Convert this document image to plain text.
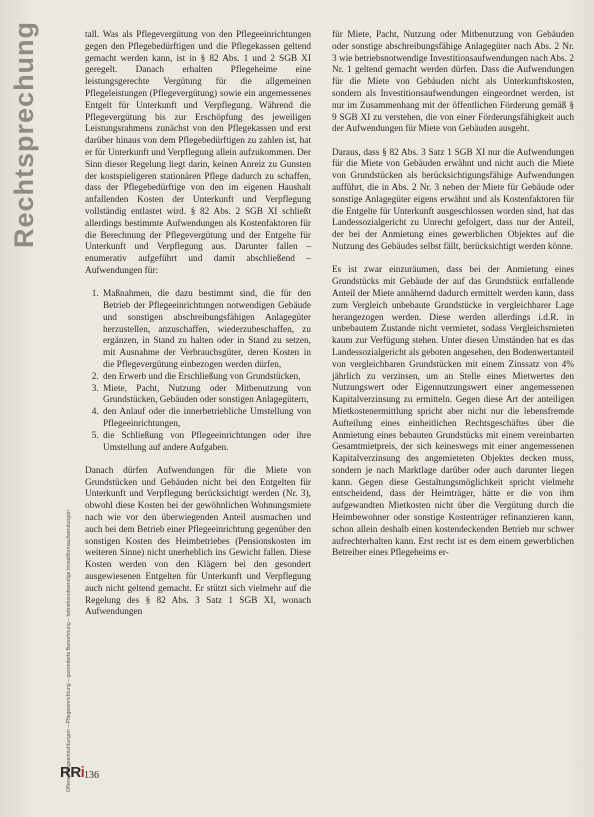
Rechtsprechung
Offene Pflegeeinrichtungen – Pflegeeinrichtung – gesonderte Berechnung – betriebsnotwendige Investitionsaufwendungen
RRi 136

tall. Was als Pflegevergütung von den Pflegeeinrichtungen gegen den Pflegebedürftigen und die Pflegekassen geltend gemacht werden kann, ist in § 82 Abs. 1 und 2 SGB XI geregelt. Danach erhalten Pflegeheime eine leistungsgerechte Vergütung für die allgemeinen Pflegeleistungen (Pflegevergütung) sowie ein angemessenes Entgelt für Unterkunft und Verpflegung. Während die Pflegevergütung bis zur Erschöpfung des jeweiligen Leistungsrahmens zunächst von den Pflegekassen und erst darüber hinaus von dem Pflegebedürftigen zu zahlen ist, hat er für Unterkunft und Verpflegung allein aufzukommen. Der Sinn dieser Regelung liegt darin, keinen Anreiz zu Gunsten der kostspieligeren stationären Pflege dadurch zu schaffen, dass der Pflegebedürftige von den im eigenen Haushalt anfallenden Kosten der Unterkunft und Verpflegung vollständig entlastet wird. § 82 Abs. 2 SGB XI schließt allerdings bestimmte Aufwendungen als Kostenfaktoren für die Berechnung der Pflegevergütung und der Entgelte für Unterkunft und Verpflegung aus. Darunter fallen – enumerativ aufgeführt und damit abschließend – Aufwendungen für:

1. Maßnahmen, die dazu bestimmt sind, die für den Betrieb der Pflegeeinrichtungen notwendigen Gebäude und sonstigen abschreibungsfähigen Anlagegüter herzustellen, anzuschaffen, wiederzubeschaffen, zu ergänzen, in Stand zu halten oder in Stand zu setzen, mit Ausnahme der Verbrauchsgüter, deren Kosten in die Pflegevergütung einbezogen werden dürfen,
2. den Erwerb und die Erschließung von Grundstücken,
3. Miete, Pacht, Nutzung oder Mitbenutzung von Grundstücken, Gebäuden oder sonstigen Anlagegütern,
4. den Anlauf oder die innerbetriebliche Umstellung von Pflegeeinrichtungen,
5. die Schließung von Pflegeeinrichtungen oder ihre Umstellung auf andere Aufgaben.

Danach dürfen Aufwendungen für die Miete von Grundstücken und Gebäuden nicht bei den Entgelten für Unterkunft und Verpflegung berücksichtigt werden (Nr. 3), obwohl diese Kosten bei der gewöhnlichen Wohnungsmiete nach wie vor den überwiegenden Anteil ausmachen und auch bei dem Betrieb einer Pflegeeinrichtung gegenüber den sonstigen Kosten des Heimbetriebes (Pensionskosten im weiteren Sinne) nicht unerheblich ins Gewicht fallen. Diese Kosten werden von den Klägern bei den gesondert ausgewiesenen Entgelten für Unterkunft und Verpflegung auch nicht geltend gemacht. Er stützt sich vielmehr auf die Regelung des § 82 Abs. 3 Satz 1 SGB XI, wonach Aufwendungen

für Miete, Pacht, Nutzung oder Mitbenutzung von Gebäuden oder sonstige abschreibungsfähige Anlagegüter nach Abs. 2 Nr. 3 wie betriebsnotwendige Investitionsaufwendungen nach Abs. 2 Nr. 1 geltend gemacht werden dürfen. Dass die Aufwendungen für die Miete von Gebäuden nicht als Unterkunftskosten, sondern als Investitionsaufwendungen eingeordnet werden, ist nur im Zusammenhang mit der öffentlichen Förderung gemäß § 9 SGB XI zu verstehen, die von einer Förderungsfähigkeit auch der Aufwendungen für Miete von Gebäuden ausgeht.

Daraus, dass § 82 Abs. 3 Satz 1 SGB XI nur die Aufwendungen für die Miete von Gebäuden erwähnt und nicht auch die Miete von Grundstücken als berücksichtigungsfähige Aufwendungen aufführt, die in Abs. 2 Nr. 3 neben der Miete für Gebäude oder sonstige Anlagegüter eigens erwähnt und als Kostenfaktoren für die Entgelte für Unterkunft ausgeschlossen worden sind, hat das Landessozialgericht zu Unrecht gefolgert, dass nur der Anteil, der bei der Anmietung eines gewerblichen Objektes auf die Nutzung des Gebäudes selbst fällt, berücksichtigt werden könne.

Es ist zwar einzuräumen, dass bei der Anmietung eines Grundstücks mit Gebäude der auf das Grundstück entfallende Anteil der Miete annähernd dadurch ermittelt werden kann, dass zum Vergleich unbebaute Grundstücke in vergleichbarer Lage herangezogen werden. Diese werden allerdings i.d.R. in unbebautem Zustande nicht vermietet, sodass Vergleichsmieten kaum zur Verfügung stehen. Unter diesen Umständen hat es das Landessozialgericht als geboten angesehen, den Bodenwertanteil von vergleichbaren Grundstücken mit einem Zinssatz von 4% jährlich zu verzinsen, um an Stelle eines Mietwertes den Nutzungswert oder Eigennutzungswert einer angemessenen Kapitalverzinsung zu ermitteln. Gegen diese Art der anteiligen Mietkostenermittlung spricht aber nicht nur die lebensfremde Aufteilung eines einheitlichen Rechtsgeschäftes über die Anmietung eines bebauten Grundstücks mit einem vereinbarten Gesamtmietpreis, der sich keineswegs mit einer angemessenen Kapitalverzinsung des angemieteten Objektes decken muss, sondern je nach Marktlage darüber oder auch darunter liegen kann. Gegen diese Gestaltungsmöglichkeit spricht vielmehr entscheidend, dass der Heimträger, hätte er die von ihm aufgewandten Mietkosten nicht über die Vergütung durch die Heimbewohner oder sonstige Kostenträger refinanzieren kann, schon allein deshalb einen kostendeckenden Betrieb nur schwer aufrechterhalten kann. Erst recht ist es dem einem gewerblichen Betreiber eines Pflegeheims er-
